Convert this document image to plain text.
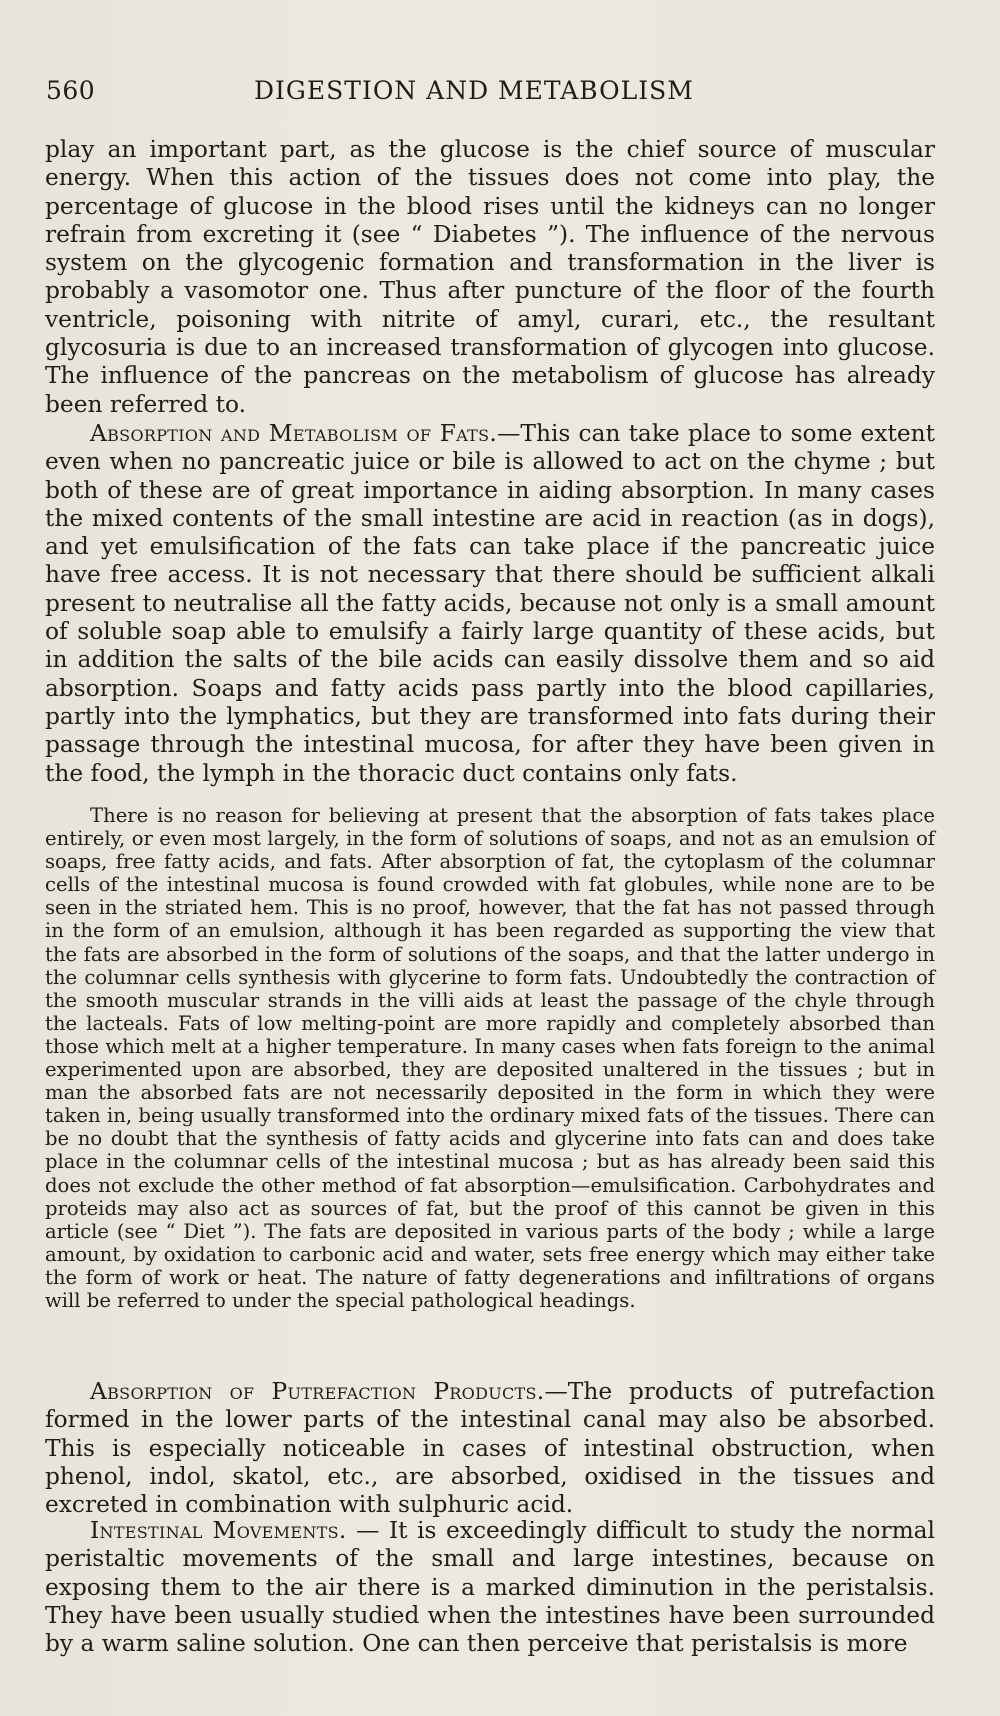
560	DIGESTION AND METABOLISM

play an important part, as the glucose is the chief source of muscular energy. When this action of the tissues does not come into play, the percentage of glucose in the blood rises until the kidneys can no longer refrain from excreting it (see “ Diabetes ”). The influence of the nervous system on the glycogenic formation and transformation in the liver is probably a vasomotor one. Thus after puncture of the floor of the fourth ventricle, poisoning with nitrite of amyl, curari, etc., the resultant glycosuria is due to an increased transformation of glycogen into glucose. The influence of the pancreas on the metabolism of glucose has already been referred to.

Absorption and Metabolism of Fats.—This can take place to some extent even when no pancreatic juice or bile is allowed to act on the chyme ; but both of these are of great importance in aiding absorption. In many cases the mixed contents of the small intestine are acid in reaction (as in dogs), and yet emulsification of the fats can take place if the pancreatic juice have free access. It is not necessary that there should be sufficient alkali present to neutralise all the fatty acids, because not only is a small amount of soluble soap able to emulsify a fairly large quantity of these acids, but in addition the salts of the bile acids can easily dissolve them and so aid absorption. Soaps and fatty acids pass partly into the blood capillaries, partly into the lymphatics, but they are transformed into fats during their passage through the intestinal mucosa, for after they have been given in the food, the lymph in the thoracic duct contains only fats.

There is no reason for believing at present that the absorption of fats takes place entirely, or even most largely, in the form of solutions of soaps, and not as an emulsion of soaps, free fatty acids, and fats. After absorption of fat, the cytoplasm of the columnar cells of the intestinal mucosa is found crowded with fat globules, while none are to be seen in the striated hem. This is no proof, however, that the fat has not passed through in the form of an emulsion, although it has been regarded as supporting the view that the fats are absorbed in the form of solutions of the soaps, and that the latter undergo in the columnar cells synthesis with glycerine to form fats. Undoubtedly the contraction of the smooth muscular strands in the villi aids at least the passage of the chyle through the lacteals. Fats of low melting-point are more rapidly and completely absorbed than those which melt at a higher temperature. In many cases when fats foreign to the animal experimented upon are absorbed, they are deposited unaltered in the tissues ; but in man the absorbed fats are not necessarily deposited in the form in which they were taken in, being usually transformed into the ordinary mixed fats of the tissues. There can be no doubt that the synthesis of fatty acids and glycerine into fats can and does take place in the columnar cells of the intestinal mucosa ; but as has already been said this does not exclude the other method of fat absorption—emulsification. Carbohydrates and proteids may also act as sources of fat, but the proof of this cannot be given in this article (see “ Diet ”). The fats are deposited in various parts of the body ; while a large amount, by oxidation to carbonic acid and water, sets free energy which may either take the form of work or heat. The nature of fatty degenerations and infiltrations of organs will be referred to under the special pathological headings.

Absorption of Putrefaction Products.—The products of putrefaction formed in the lower parts of the intestinal canal may also be absorbed. This is especially noticeable in cases of intestinal obstruction, when phenol, indol, skatol, etc., are absorbed, oxidised in the tissues and excreted in combination with sulphuric acid.

Intestinal Movements. — It is exceedingly difficult to study the normal peristaltic movements of the small and large intestines, because on exposing them to the air there is a marked diminution in the peristalsis. They have been usually studied when the intestines have been surrounded by a warm saline solution. One can then perceive that peristalsis is more
